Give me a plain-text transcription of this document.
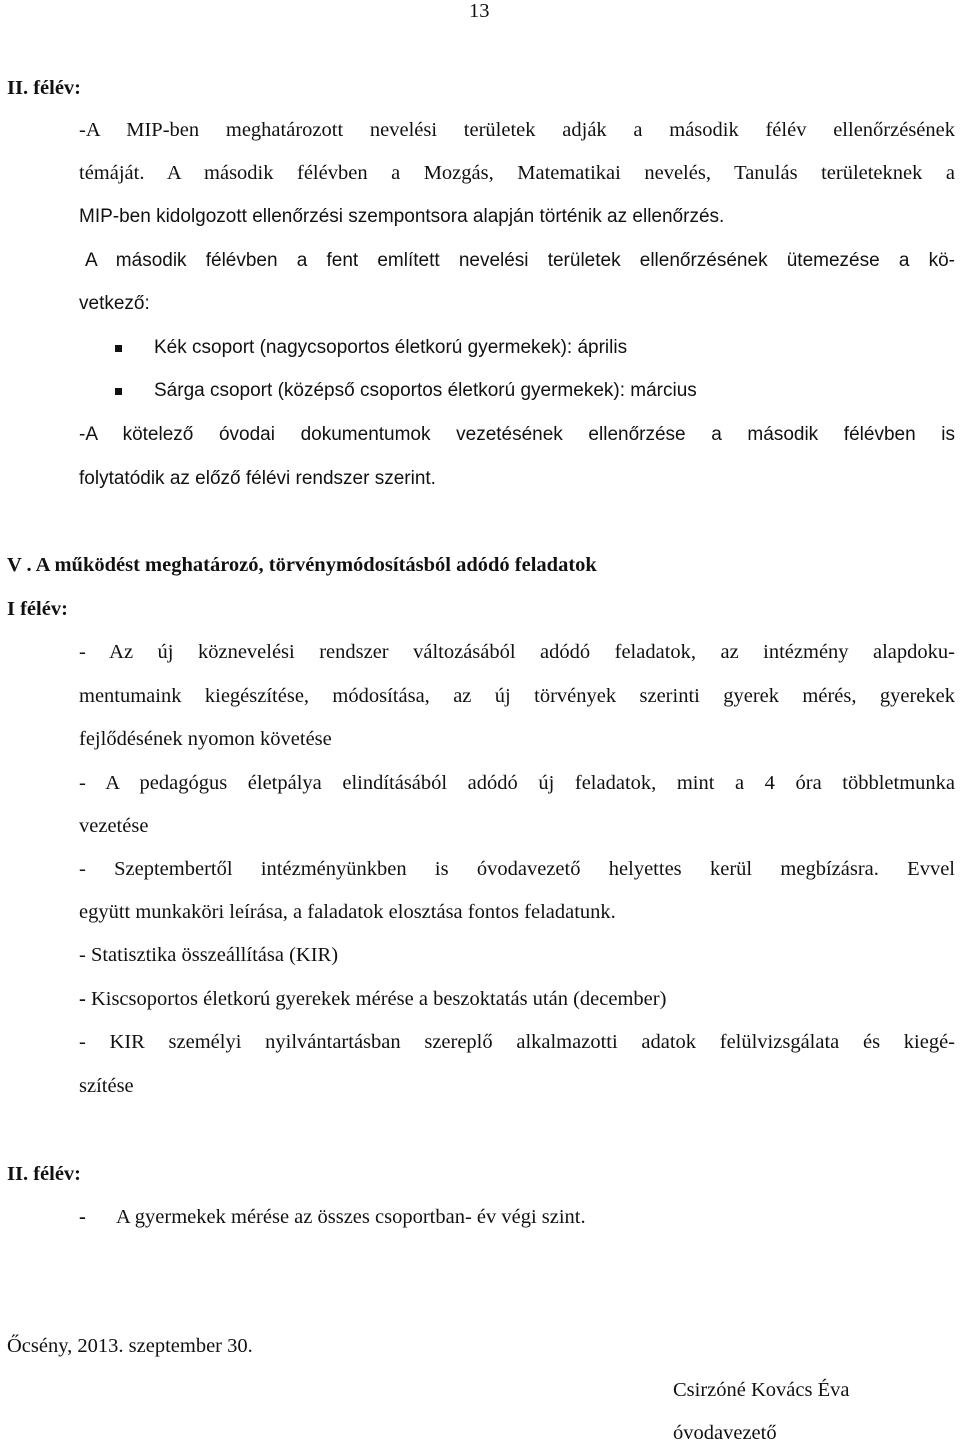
13
II. félév:
-A MIP-ben meghatározott nevelési területek adják a második félév ellenőrzésének
témáját. A második félévben a Mozgás, Matematikai nevelés, Tanulás területeknek a
MIP-ben kidolgozott ellenőrzési szempontsora alapján történik az ellenőrzés.
A második félévben a fent említett nevelési területek ellenőrzésének ütemezése a kö-
vetkező:
Kék csoport (nagycsoportos életkorú gyermekek): április
Sárga csoport (középső csoportos életkorú gyermekek): március
-A kötelező óvodai dokumentumok vezetésének ellenőrzése a második félévben is
folytatódik az előző félévi rendszer szerint.
V . A működést meghatározó, törvénymódosításból adódó feladatok
I félév:
- Az új köznevelési rendszer változásából adódó feladatok, az intézmény alapdoku-
mentumaink kiegészítése, módosítása, az új törvények szerinti gyerek mérés, gyerekek
fejlődésének nyomon követése
- A pedagógus életpálya elindításából adódó új feladatok, mint a 4 óra többletmunka
vezetése
- Szeptembertől intézményünkben is óvodavezető helyettes kerül megbízásra. Evvel
együtt munkaköri leírása, a faladatok elosztása fontos feladatunk.
- Statisztika összeállítása (KIR)
- Kiscsoportos életkorú gyerekek mérése a beszoktatás után (december)
- KIR személyi nyilvántartásban szereplő alkalmazotti adatok felülvizsgálata és kiegé-
szítése
II. félév:
- A gyermekek mérése az összes csoportban- év végi szint.
Őcsény, 2013. szeptember 30.
Csirzóné Kovács Éva
óvodavezető
